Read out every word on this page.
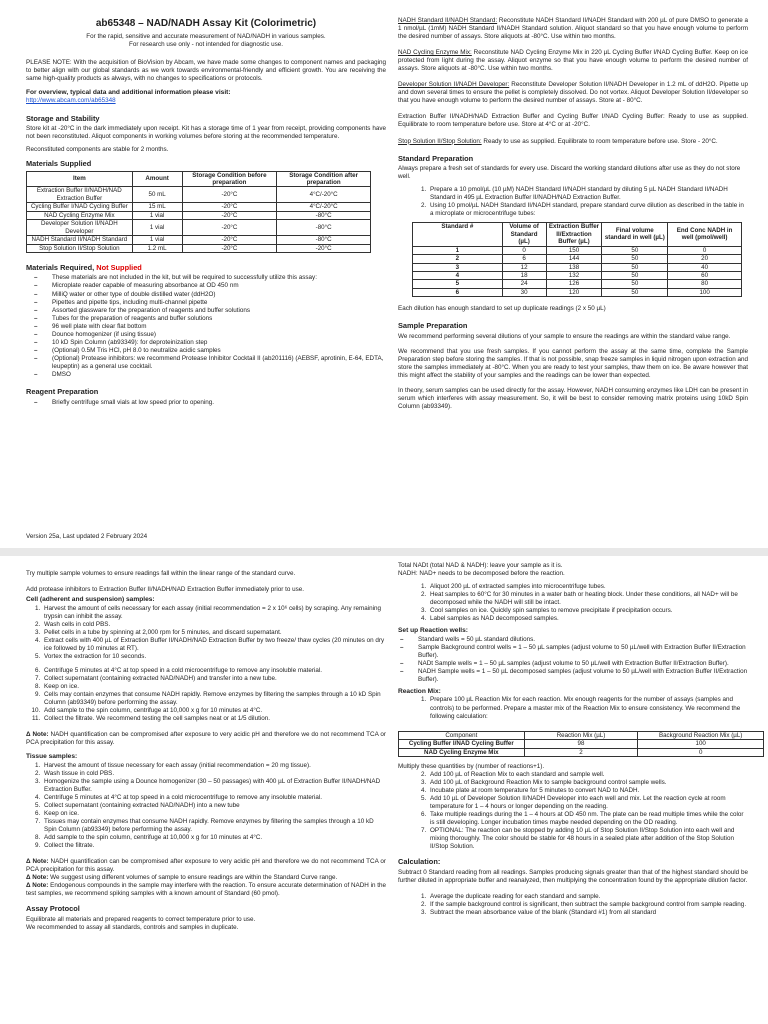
ab65348 – NAD/NADH Assay Kit (Colorimetric)
For the rapid, sensitive and accurate measurement of NAD/NADH in various samples.
For research use only - not intended for diagnostic use.

PLEASE NOTE: With the acquisition of BioVision by Abcam, we have made some changes to component names and packaging to better align with our global standards as we work towards environmental-friendly and efficient growth. You are receiving the same high-quality products as always, with no changes to specifications or protocols.

For overview, typical data and additional information please visit:
http://www.abcam.com/ab65348
Storage and Stability

Store kit at -20°C in the dark immediately upon receipt. Kit has a storage time of 1 year from receipt, providing components have not been reconstituted. Aliquot components in working volumes before storing at the recommended temperature.

Reconstituted components are stable for 2 months.

Materials Supplied
Item	Amount	Storage Condition before preparation	Storage Condition after preparation
Extraction Buffer II/NADH/NAD Extraction Buffer	50 mL	-20°C	4°C/-20°C
Cycling Buffer I/NAD Cycling Buffer	15 mL	-20°C	4°C/-20°C
NAD Cycling Enzyme Mix	1 vial	-20°C	-80°C
Developer Solution II/NADH Developer	1 vial	-20°C	-80°C
NADH Standard II/NADH Standard	1 vial	-20°C	-80°C
Stop Solution II/Stop Solution	1.2 mL	-20°C	-20°C
Materials Required, Not Supplied
– These materials are not included in the kit, but will be required to successfully utilize this assay:
– Microplate reader capable of measuring absorbance at OD 450 nm
– MilliQ water or other type of double distilled water (ddH2O)
– Pipettes and pipette tips, including multi-channel pipette
– Assorted glassware for the preparation of reagents and buffer solutions
– Tubes for the preparation of reagents and buffer solutions
– 96 well plate with clear flat bottom
– Dounce homogenizer (if using tissue)
– 10 kD Spin Column (ab93349): for deproteinization step
– (Optional) 0.5M Tris HCl, pH 8.0 to neutralize acidic samples
– (Optional) Protease inhibitors: we recommend Protease Inhibitor Cocktail II (ab201116) (AEBSF, aprotinin, E-64, EDTA, leupeptin) as a general use cocktail.
– DMSO
Reagent Preparation
– Briefly centrifuge small vials at low speed prior to opening.
Version 25a, Last updated 2 February 2024

NADH Standard II/NADH Standard: Reconstitute NADH Standard II/NADH Standard with 200 µL of pure DMSO to generate a 1 nmol/µL (1mM) NADH Standard II/NADH Standard solution. Aliquot standard so that you have enough volume to perform the desired number of assays. Store aliquots at -80°C. Use within two months.

NAD Cycling Enzyme Mix: Reconstitute NAD Cycling Enzyme Mix in 220 µL Cycling Buffer I/NAD Cycling Buffer. Keep on ice protected from light during the assay. Aliquot enzyme so that you have enough volume to perform the desired number of assays. Store aliquots at -80°C. Use within two months.

Developer Solution II/NADH Developer: Reconstitute Developer Solution II/NADH Developer in 1.2 mL of ddH2O. Pipette up and down several times to ensure the pellet is completely dissolved. Do not vortex. Aliquot Developer Solution II/developer so that you have enough volume to perform the desired number of assays. Store at - 80°C.

Extraction Buffer II/NADH/NAD Extraction Buffer and Cycling Buffer I/NAD Cycling Buffer: Ready to use as supplied. Equilibrate to room temperature before use. Store at 4°C or at -20°C.

Stop Solution II/Stop Solution: Ready to use as supplied. Equilibrate to room temperature before use. Store - 20°C.

Standard Preparation

Always prepare a fresh set of standards for every use. Discard the working standard dilutions after use as they do not store well.

1. Prepare a 10 pmol/µL (10 µM) NADH Standard II/NADH standard by diluting 5 µL NADH Standard II/NADH Standard in 495 µL Extraction Buffer II/NADH/NAD Extraction Buffer.
2. Using 10 pmol/µL NADH Standard II/NADH standard, prepare standard curve dilution as described in the table in a microplate or microcentrifuge tubes:
Standard #	Volume of Standard (µL)	Extraction Buffer II/Extraction Buffer (µL)	Final volume standard in well (µL)	End Conc NADH in well (pmol/well)
1	0	150	50	0
2	6	144	50	20
3	12	138	50	40
4	18	132	50	60
5	24	126	50	80
6	30	120	50	100

Each dilution has enough standard to set up duplicate readings (2 x 50 µL)

Sample Preparation

We recommend performing several dilutions of your sample to ensure the readings are within the standard value range.

We recommend that you use fresh samples. If you cannot perform the assay at the same time, complete the Sample Preparation step before storing the samples. If that is not possible, snap freeze samples in liquid nitrogen upon extraction and store the samples immediately at -80°C. When you are ready to test your samples, thaw them on ice. Be aware however that this might affect the stability of your samples and the readings can be lower than expected.

In theory, serum samples can be used directly for the assay. However, NADH consuming enzymes like LDH can be present in serum which interferes with assay measurement. So, it will be best to consider removing matrix proteins using 10kD Spin Column (ab93349).

Try multiple sample volumes to ensure readings fall within the linear range of the standard curve.

Add protease inhibitors to Extraction Buffer II/NADH/NAD Extraction Buffer immediately prior to use.

Cell (adherent and suspension) samples:
1. Harvest the amount of cells necessary for each assay (initial recommendation = 2 x 10⁶ cells) by scraping. Any remaining trypsin can inhibit the assay.
2. Wash cells in cold PBS.
3. Pellet cells in a tube by spinning at 2,000 rpm for 5 minutes, and discard supernatant.
4. Extract cells with 400 µL of Extraction Buffer II/NADH/NAD Extraction Buffer by two freeze/ thaw cycles (20 minutes on dry ice followed by 10 minutes at RT).
5. Vortex the extraction for 10 seconds.
6. Centrifuge 5 minutes at 4°C at top speed in a cold microcentrifuge to remove any insoluble material.
7. Collect supernatant (containing extracted NAD/NADH) and transfer into a new tube.
8. Keep on ice.
9. Cells may contain enzymes that consume NADH rapidly. Remove enzymes by filtering the samples through a 10 kD Spin Column (ab93349) before performing the assay.
10. Add sample to the spin column, centrifuge at 10,000 x g for 10 minutes at 4°C.
11. Collect the filtrate. We recommend testing the cell samples neat or at 1/5 dilution.

Δ Note: NADH quantification can be compromised after exposure to very acidic pH and therefore we do not recommend TCA or PCA precipitation for this assay.

Tissue samples:
1. Harvest the amount of tissue necessary for each assay (initial recommendation = 20 mg tissue).
2. Wash tissue in cold PBS.
3. Homogenize the sample using a Dounce homogenizer (30 – 50 passages) with 400 µL of Extraction Buffer II/NADH/NAD Extraction Buffer.
4. Centrifuge 5 minutes at 4°C at top speed in a cold microcentrifuge to remove any insoluble material.
5. Collect supernatant (containing extracted NAD/NADH) into a new tube
6. Keep on ice.
7. Tissues may contain enzymes that consume NADH rapidly. Remove enzymes by filtering the samples through a 10 kD Spin Column (ab93349) before performing the assay.
8. Add sample to the spin column, centrifuge at 10,000 x g for 10 minutes at 4°C.
9. Collect the filtrate.

Δ Note: NADH quantification can be compromised after exposure to very acidic pH and therefore we do not recommend TCA or PCA precipitation for this assay.

Δ Note: We suggest using different volumes of sample to ensure readings are within the Standard Curve range.

Δ Note: Endogenous compounds in the sample may interfere with the reaction. To ensure accurate determination of NADH in the test samples, we recommend spiking samples with a known amount of Standard (60 pmol).

Assay Protocol
Equilibrate all materials and prepared reagents to correct temperature prior to use.
We recommended to assay all standards, controls and samples in duplicate.
Total NADt (total NAD & NADH): leave your sample as it is.

NADH: NAD+ needs to be decomposed before the reaction.

1. Aliquot 200 µL of extracted samples into microcentrifuge tubes.
2. Heat samples to 60°C for 30 minutes in a water bath or heating block. Under these conditions, all NAD+ will be decomposed while the NADH will still be intact.
3. Cool samples on ice. Quickly spin samples to remove precipitate if precipitation occurs.
4. Label samples as NAD decomposed samples.
Set up Reaction wells:
– Standard wells = 50 µL standard dilutions.
– Sample Background control wells = 1 – 50 µL samples (adjust volume to 50 µL/well with Extraction Buffer II/Extraction Buffer).
– NADt Sample wells = 1 – 50 µL samples (adjust volume to 50 µL/well with Extraction Buffer II/Extraction Buffer).
– NADH Sample wells = 1 – 50 µL decomposed samples (adjust volume to 50 µL/well with Extraction Buffer II/Extraction Buffer).
Reaction Mix:
1. Prepare 100 µL Reaction Mix for each reaction. Mix enough reagents for the number of assays (samples and controls) to be performed. Prepare a master mix of the Reaction Mix to ensure consistency. We recommend the following calculation:
Component	Reaction Mix (µL)	Background Reaction Mix (µL)
Cycling Buffer I/NAD Cycling Buffer	98	100
NAD Cycling Enzyme Mix	2	0
Multiply these quantities by (number of reactions+1).
2. Add 100 µL of Reaction Mix to each standard and sample well.
3. Add 100 µL of Background Reaction Mix to sample background control sample wells.
4. Incubate plate at room temperature for 5 minutes to convert NAD to NADH.
5. Add 10 µL of Developer Solution II/NADH Developer into each well and mix. Let the reaction cycle at room temperature for 1 – 4 hours or longer depending on the reading.
6. Take multiple readings during the 1 – 4 hours at OD 450 nm. The plate can be read multiple times while the color is still developing. Longer incubation times maybe needed depending on the OD reading.
7. OPTIONAL: The reaction can be stopped by adding 10 µL of Stop Solution II/Stop Solution into each well and mixing thoroughly. The color should be stable for 48 hours in a sealed plate after addition of the Stop Solution II/Stop Solution.
Calculation:

Subtract 0 Standard reading from all readings. Samples producing signals greater than that of the highest standard should be further diluted in appropriate buffer and reanalyzed, then multiplying the concentration found by the appropriate dilution factor.

1. Average the duplicate reading for each standard and sample.
2. If the sample background control is significant, then subtract the sample background control from sample reading.
3. Subtract the mean absorbance value of the blank (Standard #1) from all standard
